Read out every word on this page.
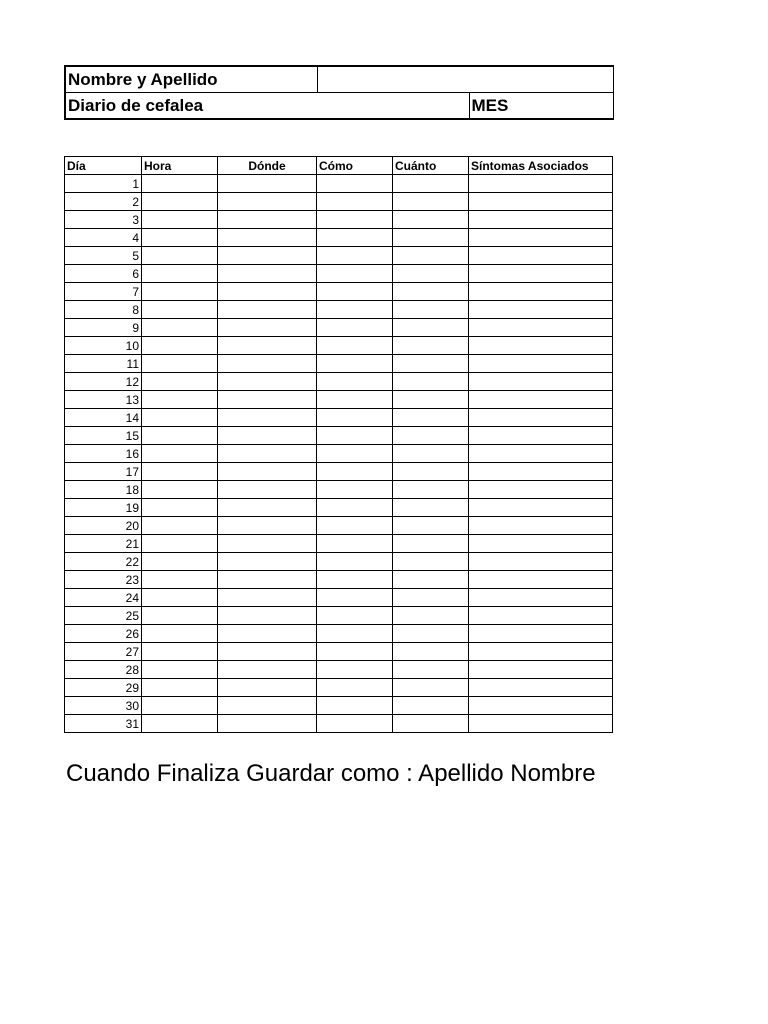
Nombre y Apellido		
Diario de cefalea		MES
Día	Hora	Dónde	Cómo	Cuánto	Síntomas Asociados
1					
2					
3					
4					
5					
6					
7					
8					
9					
10					
11					
12					
13					
14					
15					
16					
17					
18					
19					
20					
21					
22					
23					
24					
25					
26					
27					
28					
29					
30					
31					
Cuando Finaliza Guardar como : Apellido Nombre
